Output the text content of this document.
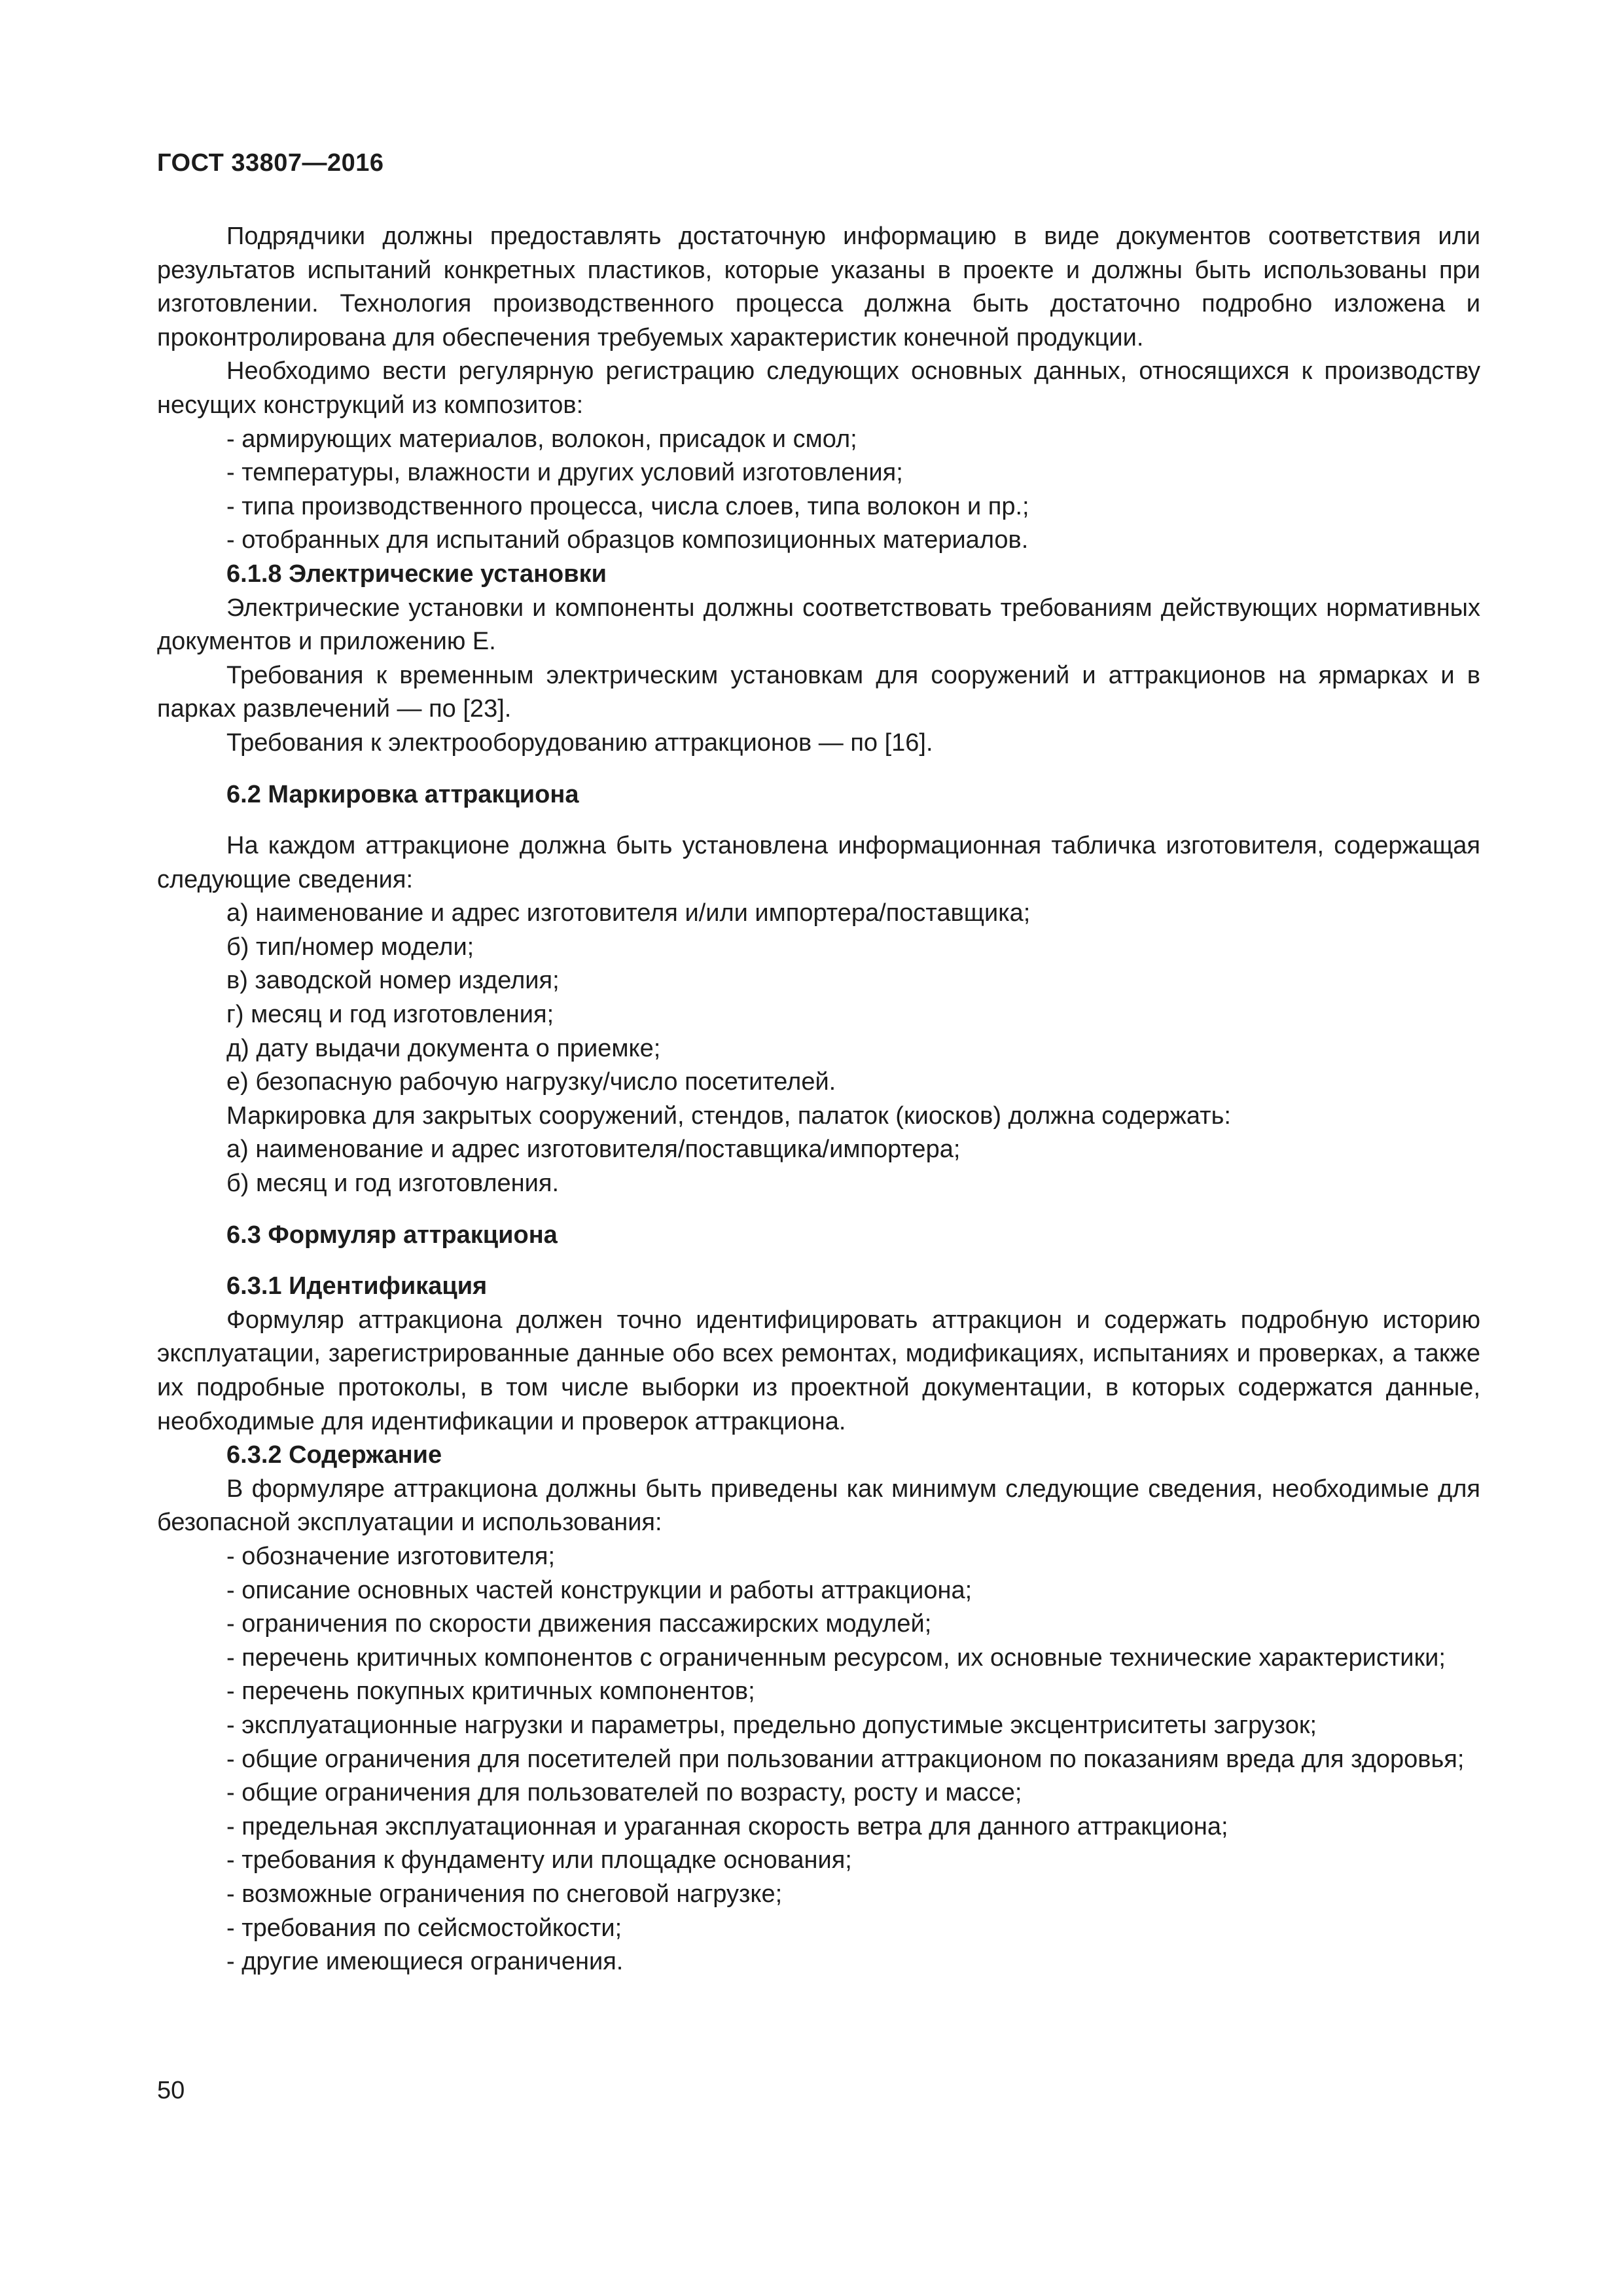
ГОСТ 33807—2016

Подрядчики должны предоставлять достаточную информацию в виде документов соответствия или результатов испытаний конкретных пластиков, которые указаны в проекте и должны быть использованы при изготовлении. Технология производственного процесса должна быть достаточно подробно изложена и проконтролирована для обеспечения требуемых характеристик конечной продукции.

Необходимо вести регулярную регистрацию следующих основных данных, относящихся к производству несущих конструкций из композитов:

- армирующих материалов, волокон, присадок и смол;

- температуры, влажности и других условий изготовления;

- типа производственного процесса, числа слоев, типа волокон и пр.;

- отобранных для испытаний образцов композиционных материалов.

6.1.8 Электрические установки

Электрические установки и компоненты должны соответствовать требованиям действующих нормативных документов и приложению Е.

Требования к временным электрическим установкам для сооружений и аттракционов на ярмарках и в парках развлечений — по [23].

Требования к электрооборудованию аттракционов — по [16].

6.2 Маркировка аттракциона

На каждом аттракционе должна быть установлена информационная табличка изготовителя, содержащая следующие сведения:

а) наименование и адрес изготовителя и/или импортера/поставщика;

б) тип/номер модели;

в) заводской номер изделия;

г) месяц и год изготовления;

д) дату выдачи документа о приемке;

е) безопасную рабочую нагрузку/число посетителей.

Маркировка для закрытых сооружений, стендов, палаток (киосков) должна содержать:

а) наименование и адрес изготовителя/поставщика/импортера;

б) месяц и год изготовления.

6.3 Формуляр аттракциона

6.3.1 Идентификация

Формуляр аттракциона должен точно идентифицировать аттракцион и содержать подробную историю эксплуатации, зарегистрированные данные обо всех ремонтах, модификациях, испытаниях и проверках, а также их подробные протоколы, в том числе выборки из проектной документации, в которых содержатся данные, необходимые для идентификации и проверок аттракциона.

6.3.2 Содержание

В формуляре аттракциона должны быть приведены как минимум следующие сведения, необходимые для безопасной эксплуатации и использования:

- обозначение изготовителя;

- описание основных частей конструкции и работы аттракциона;

- ограничения по скорости движения пассажирских модулей;

- перечень критичных компонентов с ограниченным ресурсом, их основные технические характеристики;

- перечень покупных критичных компонентов;

- эксплуатационные нагрузки и параметры, предельно допустимые эксцентриситеты загрузок;

- общие ограничения для посетителей при пользовании аттракционом по показаниям вреда для здоровья;

- общие ограничения для пользователей по возрасту, росту и массе;

- предельная эксплуатационная и ураганная скорость ветра для данного аттракциона;

- требования к фундаменту или площадке основания;

- возможные ограничения по снеговой нагрузке;

- требования по сейсмостойкости;

- другие имеющиеся ограничения.

50
